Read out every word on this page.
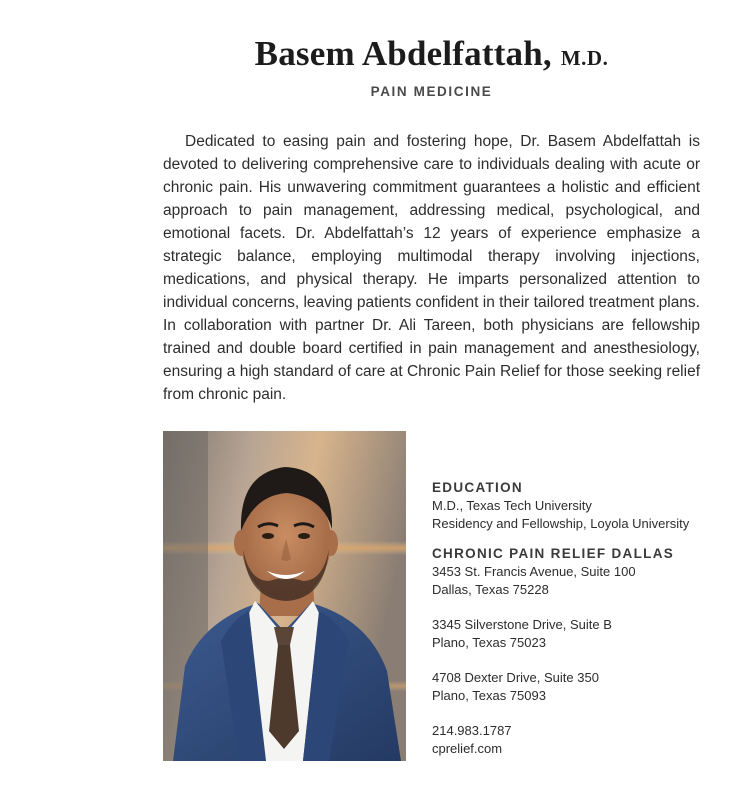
Basem Abdelfattah, M.D.
PAIN MEDICINE

Dedicated to easing pain and fostering hope, Dr. Basem Abdelfattah is devoted to delivering comprehensive care to individuals dealing with acute or chronic pain. His unwavering commitment guarantees a holistic and efficient approach to pain management, addressing medical, psychological, and emotional facets. Dr. Abdelfattah’s 12 years of experience emphasize a strategic balance, employing multimodal therapy involving injections, medications, and physical therapy. He imparts personalized attention to individual concerns, leaving patients confident in their tailored treatment plans. In collaboration with partner Dr. Ali Tareen, both physicians are fellowship trained and double board certified in pain management and anesthesiology, ensuring a high standard of care at Chronic Pain Relief for those seeking relief from chronic pain.

EDUCATION
M.D., Texas Tech University
Residency and Fellowship, Loyola University
CHRONIC PAIN RELIEF DALLAS
3453 St. Francis Avenue, Suite 100
Dallas, Texas 75228
3345 Silverstone Drive, Suite B
Plano, Texas 75023
4708 Dexter Drive, Suite 350
Plano, Texas 75093
214.983.1787
cprelief.com
